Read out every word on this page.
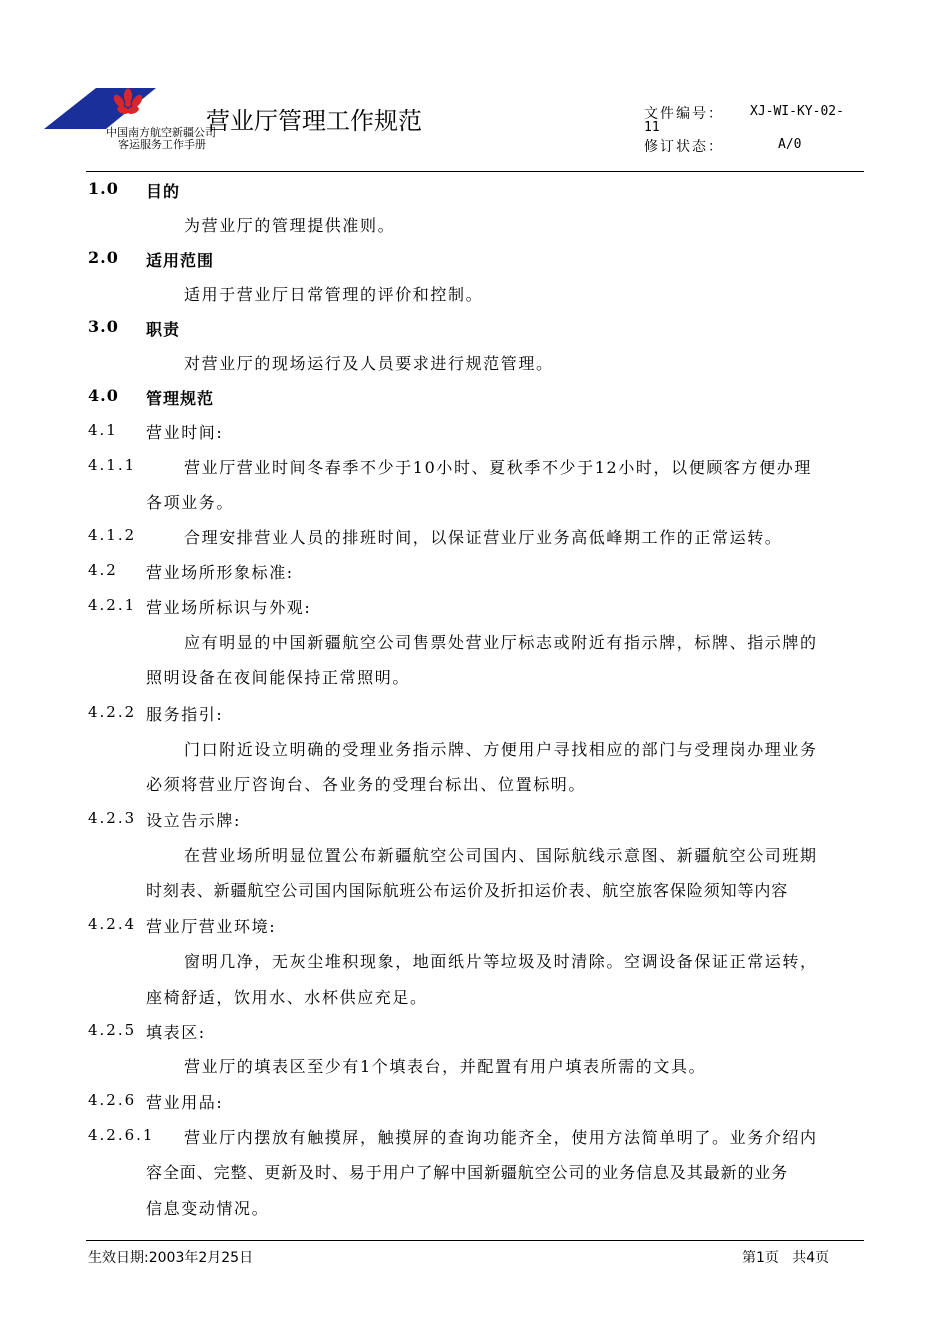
中国南方航空新疆公司
客运服务工作手册
营业厅管理工作规范	文件编号： XJ-WI-KY-02-
11
修订状态：	A/0
1.0 目的
为营业厅的管理提供准则。
2.0 适用范围
适用于营业厅日常管理的评价和控制。
3.0 职责
对营业厅的现场运行及人员要求进行规范管理。
4.0 管理规范
4.1 营业时间:
4.1.1	营业厅营业时间冬春季不少于10小时、夏秋季不少于12小时，以便顾客方便办理
各项业务。
4.1.2	合理安排营业人员的排班时间，以保证营业厅业务高低峰期工作的正常运转。
4.2 营业场所形象标准:
4.2.1 营业场所标识与外观:
应有明显的中国新疆航空公司售票处营业厅标志或附近有指示牌，标牌、指示牌的
照明设备在夜间能保持正常照明。
4.2.2 服务指引:
门口附近设立明确的受理业务指示牌、方便用户寻找相应的部门与受理岗办理业务
必须将营业厅咨询台、各业务的受理台标出、位置标明。
4.2.3 设立告示牌:
在营业场所明显位置公布新疆航空公司国内、国际航线示意图、新疆航空公司班期
时刻表、新疆航空公司国内国际航班公布运价及折扣运价表、航空旅客保险须知等内容
4.2.4 营业厅营业环境:
窗明几净，无灰尘堆积现象，地面纸片等垃圾及时清除。空调设备保证正常运转，
座椅舒适，饮用水、水杯供应充足。
4.2.5 填表区:
营业厅的填表区至少有1个填表台，并配置有用户填表所需的文具。
4.2.6 营业用品:
4.2.6.1 营业厅内摆放有触摸屏，触摸屏的查询功能齐全，使用方法简单明了。业务介绍内
容全面、完整、更新及时、易于用户了解中国新疆航空公司的业务信息及其最新的业务
信息变动情况。
生效日期:2003年2月25日	第1页   共4页
